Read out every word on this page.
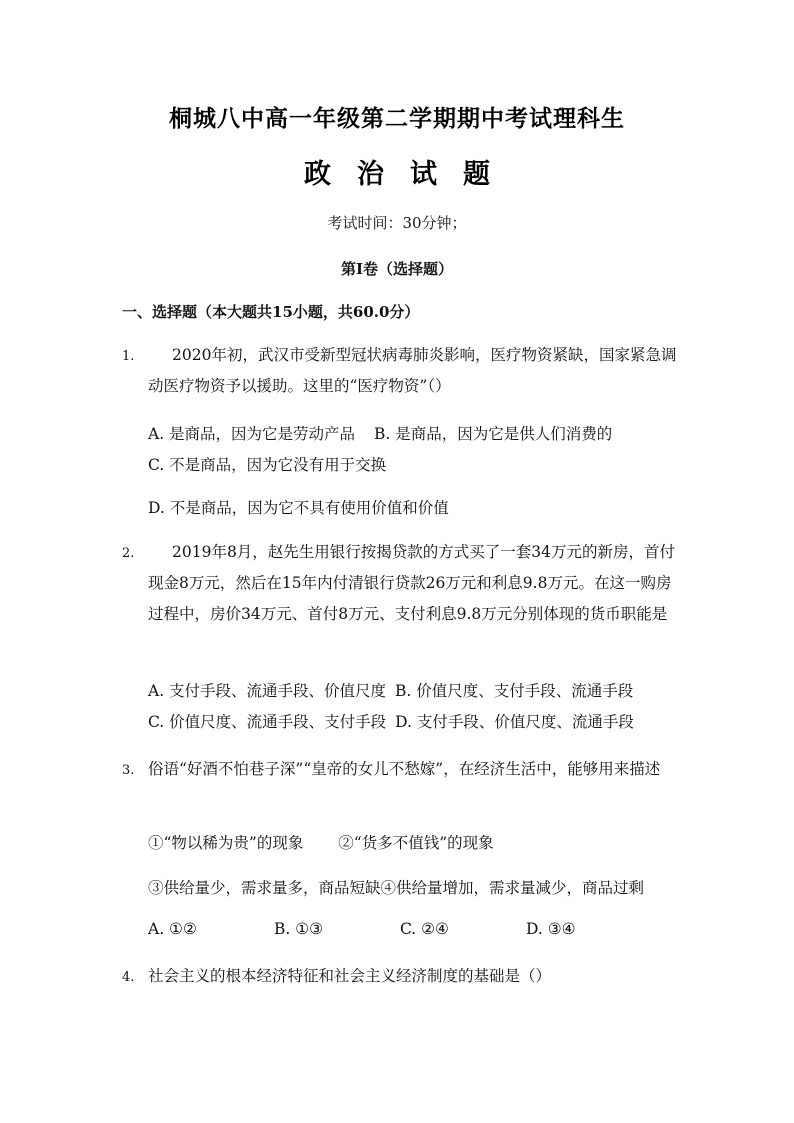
桐城八中高一年级第二学期期中考试理科生
政治试题
考试时间：30分钟；
第I卷（选择题）
一、选择题（本大题共15小题，共60.0分）
1.	2020年初，武汉市受新型冠状病毒肺炎影响，医疗物资紧缺，国家紧急调动医疗物资予以援助。这里的“医疗物资”（）
A. 是商品，因为它是劳动产品 B. 是商品，因为它是供人们消费的
C. 不是商品，因为它没有用于交换
D. 不是商品，因为它不具有使用价值和价值
2.	2019年8月，赵先生用银行按揭贷款的方式买了一套34万元的新房，首付现金8万元，然后在15年内付清银行贷款26万元和利息9.8万元。在这一购房过程中，房价34万元、首付8万元、支付利息9.8万元分别体现的货币职能是
A. 支付手段、流通手段、价值尺度 B. 价值尺度、支付手段、流通手段
C. 价值尺度、流通手段、支付手段 D. 支付手段、价值尺度、流通手段
3. 俗语“好酒不怕巷子深”“皇帝的女儿不愁嫁”，在经济生活中，能够用来描述
①“物以稀为贵”的现象 ②“货多不值钱”的现象
③供给量少，需求量多，商品短缺④供给量增加，需求量减少，商品过剩
A. ①②	B. ①③	C. ②④	D. ③④
4. 社会主义的根本经济特征和社会主义经济制度的基础是（）
